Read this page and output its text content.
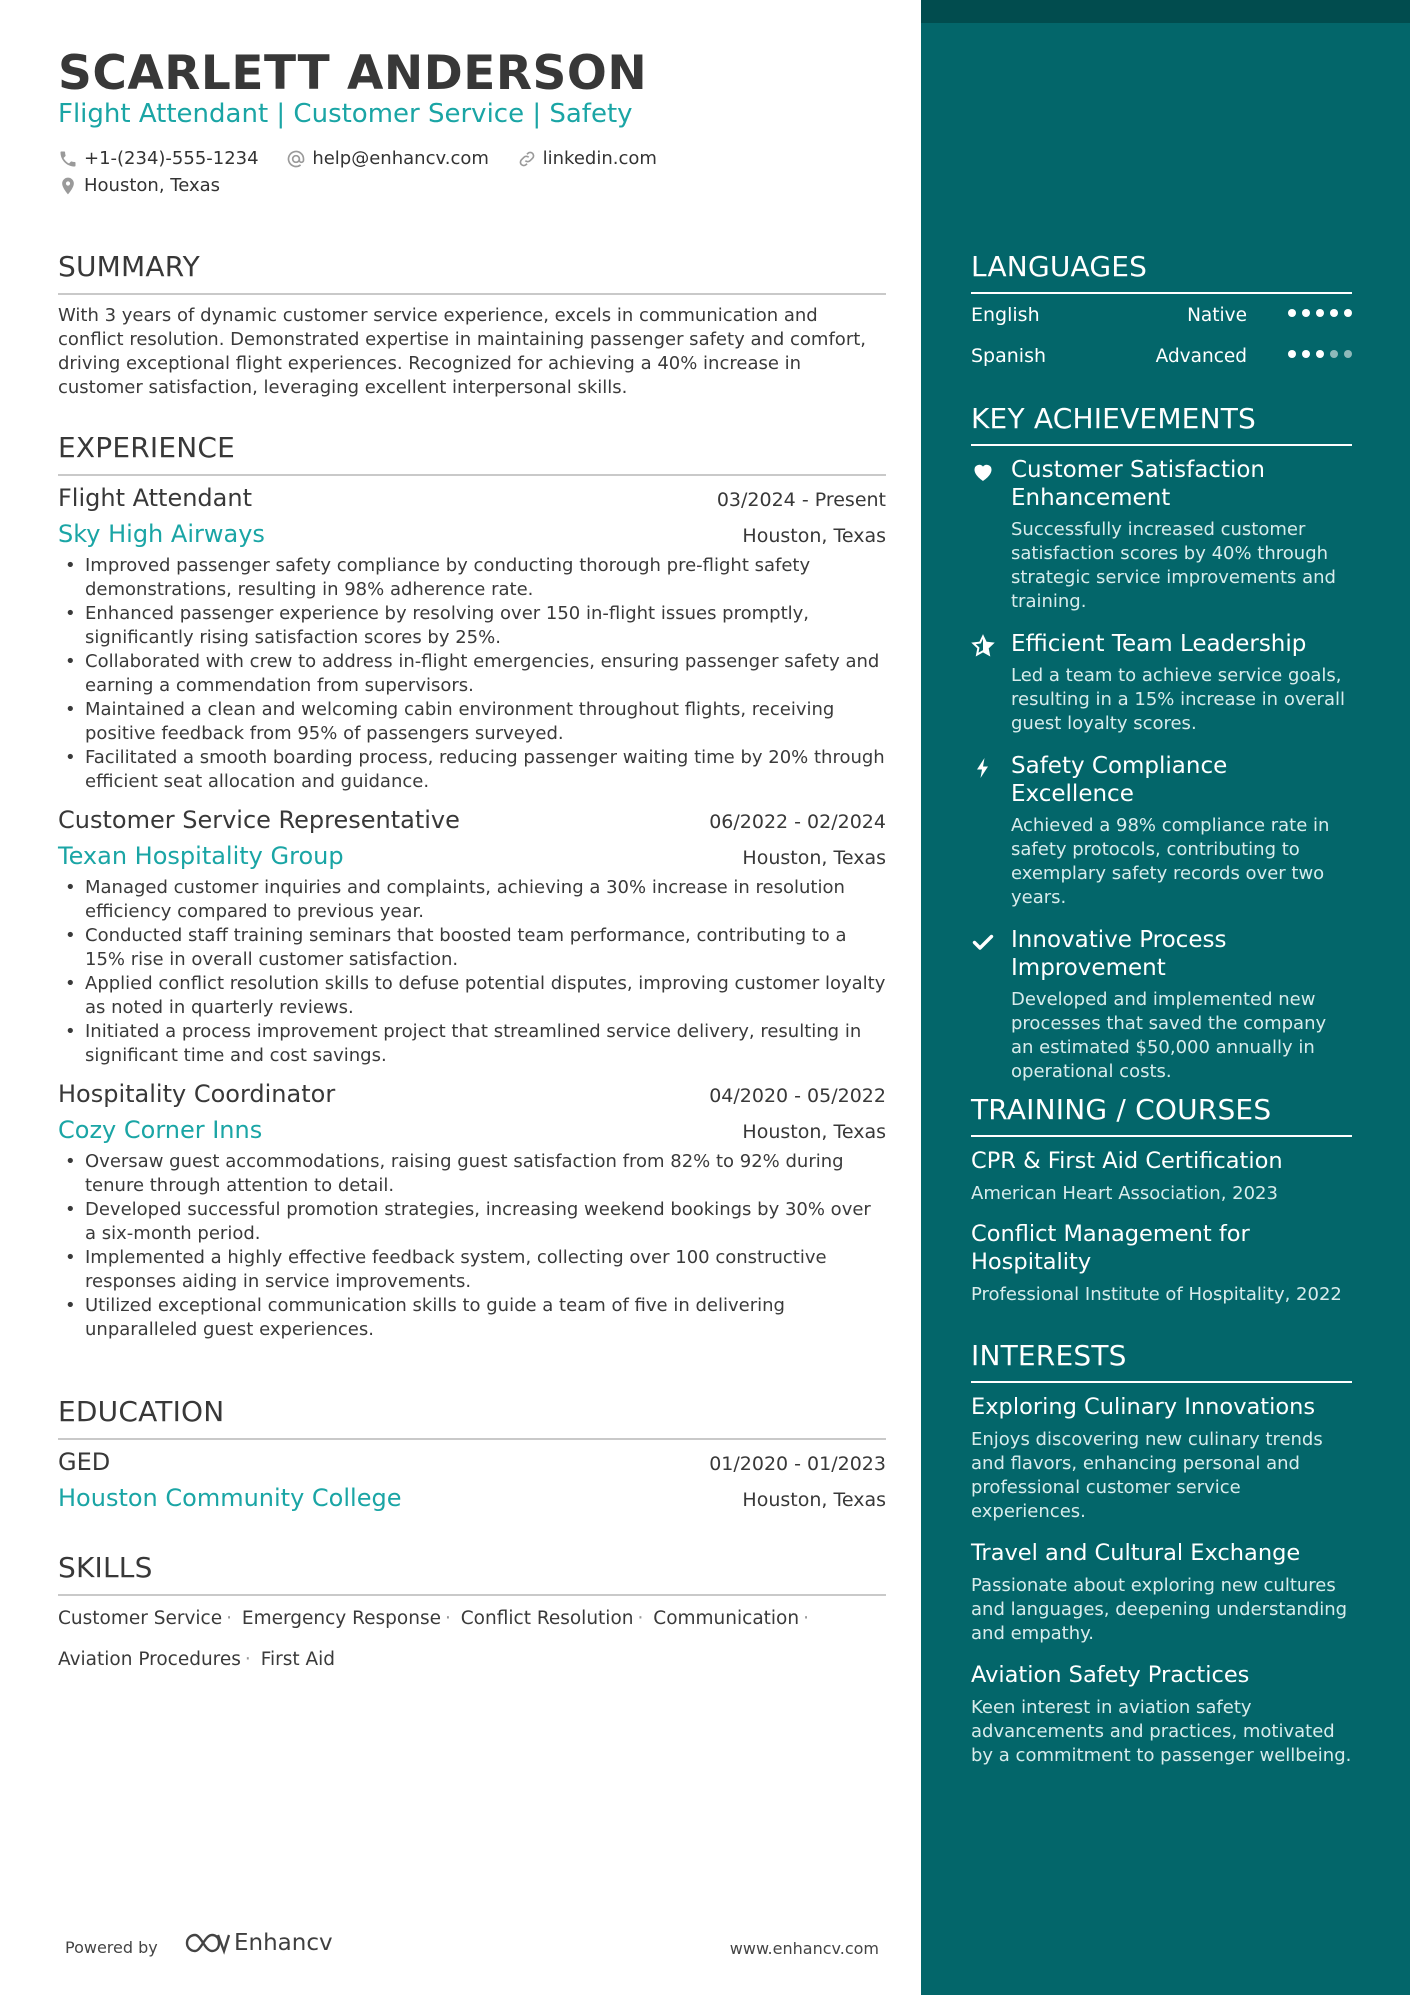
SCARLETT ANDERSON
Flight Attendant | Customer Service | Safety
+1-(234)-555-1234
	help@enhancv.com
	linkedin.com
Houston, Texas
SUMMARY
With 3 years of dynamic customer service experience, excels in communication and conflict resolution. Demonstrated expertise in maintaining passenger safety and comfort, driving exceptional flight experiences. Recognized for achieving a 40% increase in customer satisfaction, leveraging excellent interpersonal skills.
EXPERIENCE
Flight Attendant	03/2024 - Present
Sky High Airways	Houston, Texas
• Improved passenger safety compliance by conducting thorough pre-flight safety demonstrations, resulting in 98% adherence rate.
• Enhanced passenger experience by resolving over 150 in-flight issues promptly, significantly rising satisfaction scores by 25%.
• Collaborated with crew to address in-flight emergencies, ensuring passenger safety and earning a commendation from supervisors.
• Maintained a clean and welcoming cabin environment throughout flights, receiving positive feedback from 95% of passengers surveyed.
• Facilitated a smooth boarding process, reducing passenger waiting time by 20% through efficient seat allocation and guidance.
Customer Service Representative	06/2022 - 02/2024
Texan Hospitality Group	Houston, Texas
• Managed customer inquiries and complaints, achieving a 30% increase in resolution efficiency compared to previous year.
• Conducted staff training seminars that boosted team performance, contributing to a 15% rise in overall customer satisfaction.
• Applied conflict resolution skills to defuse potential disputes, improving customer loyalty as noted in quarterly reviews.
• Initiated a process improvement project that streamlined service delivery, resulting in significant time and cost savings.
Hospitality Coordinator	04/2020 - 05/2022
Cozy Corner Inns	Houston, Texas
• Oversaw guest accommodations, raising guest satisfaction from 82% to 92% during tenure through attention to detail.
• Developed successful promotion strategies, increasing weekend bookings by 30% over a six-month period.
• Implemented a highly effective feedback system, collecting over 100 constructive responses aiding in service improvements.
• Utilized exceptional communication skills to guide a team of five in delivering unparalleled guest experiences.
EDUCATION
GED	01/2020 - 01/2023
Houston Community College	Houston, Texas
SKILLS
Customer Service · Emergency Response · Conflict Resolution · Communication ·
Aviation Procedures · First Aid
Powered by	Enhancv	www.enhancv.com
LANGUAGES
English	Native
Spanish	Advanced
KEY ACHIEVEMENTS
Customer Satisfaction Enhancement
Successfully increased customer satisfaction scores by 40% through strategic service improvements and training.
Efficient Team Leadership
Led a team to achieve service goals, resulting in a 15% increase in overall guest loyalty scores.
Safety Compliance Excellence
Achieved a 98% compliance rate in safety protocols, contributing to exemplary safety records over two years.
Innovative Process Improvement
Developed and implemented new processes that saved the company an estimated $50,000 annually in operational costs.
TRAINING / COURSES
CPR & First Aid Certification
American Heart Association, 2023
Conflict Management for Hospitality
Professional Institute of Hospitality, 2022
INTERESTS
Exploring Culinary Innovations
Enjoys discovering new culinary trends and flavors, enhancing personal and professional customer service experiences.
Travel and Cultural Exchange
Passionate about exploring new cultures and languages, deepening understanding and empathy.
Aviation Safety Practices
Keen interest in aviation safety advancements and practices, motivated by a commitment to passenger wellbeing.
